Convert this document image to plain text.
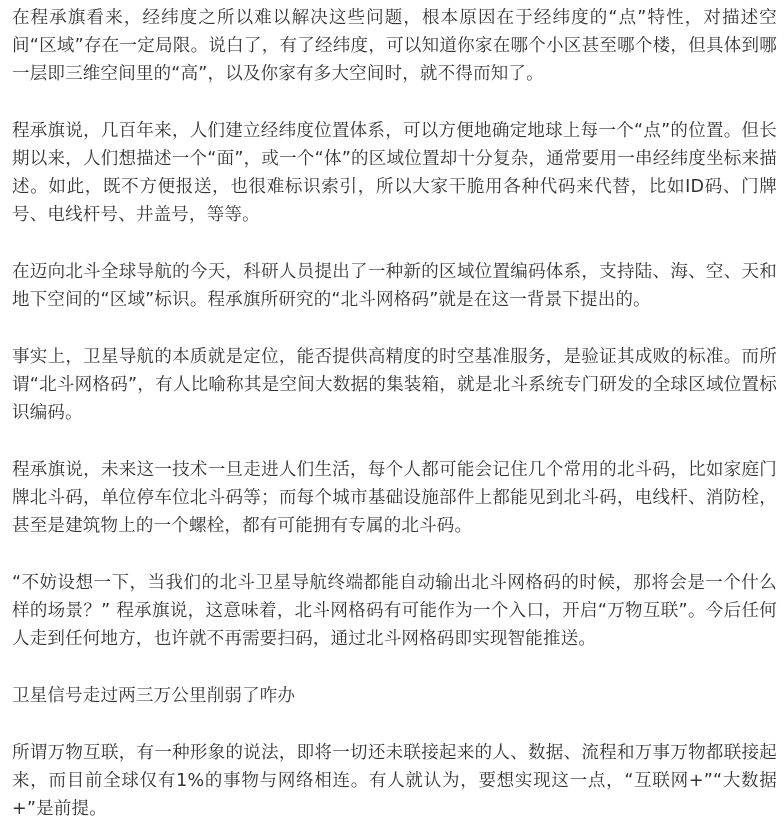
在程承旗看来，经纬度之所以难以解决这些问题，根本原因在于经纬度的“点”特性，对描述空间“区域”存在一定局限。说白了，有了经纬度，可以知道你家在哪个小区甚至哪个楼，但具体到哪一层即三维空间里的“高”，以及你家有多大空间时，就不得而知了。

程承旗说，几百年来，人们建立经纬度位置体系，可以方便地确定地球上每一个“点”的位置。但长期以来，人们想描述一个“面”，或一个“体”的区域位置却十分复杂，通常要用一串经纬度坐标来描述。如此，既不方便报送，也很难标识索引，所以大家干脆用各种代码来代替，比如ID码、门牌号、电线杆号、井盖号，等等。

在迈向北斗全球导航的今天，科研人员提出了一种新的区域位置编码体系，支持陆、海、空、天和地下空间的“区域”标识。程承旗所研究的“北斗网格码”就是在这一背景下提出的。

事实上，卫星导航的本质就是定位，能否提供高精度的时空基准服务，是验证其成败的标准。而所谓“北斗网格码”，有人比喻称其是空间大数据的集装箱，就是北斗系统专门研发的全球区域位置标识编码。

程承旗说，未来这一技术一旦走进人们生活，每个人都可能会记住几个常用的北斗码，比如家庭门牌北斗码，单位停车位北斗码等；而每个城市基础设施部件上都能见到北斗码，电线杆、消防栓，甚至是建筑物上的一个螺栓，都有可能拥有专属的北斗码。

“不妨设想一下，当我们的北斗卫星导航终端都能自动输出北斗网格码的时候，那将会是一个什么样的场景？” 程承旗说，这意味着，北斗网格码有可能作为一个入口，开启“万物互联”。今后任何人走到任何地方，也许就不再需要扫码，通过北斗网格码即实现智能推送。

卫星信号走过两三万公里削弱了咋办

所谓万物互联，有一种形象的说法，即将一切还未联接起来的人、数据、流程和万事万物都联接起来，而目前全球仅有1%的事物与网络相连。有人就认为，要想实现这一点，“互联网+”“大数据+”是前提。
